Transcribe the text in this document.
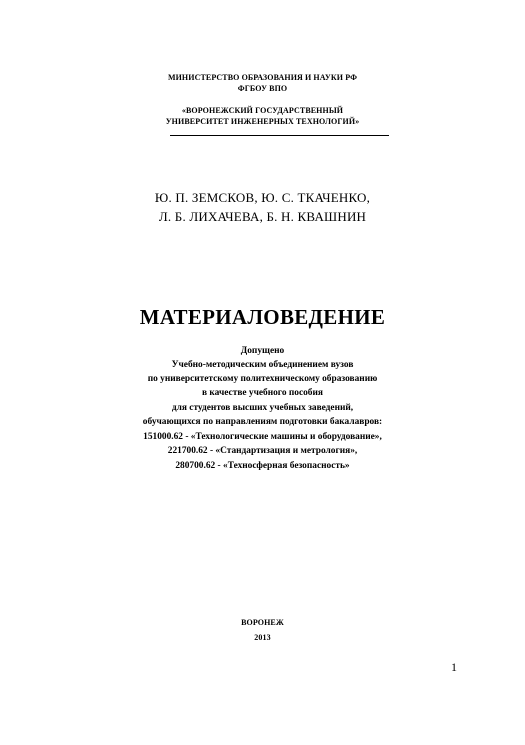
МИНИСТЕРСТВО ОБРАЗОВАНИЯ И НАУКИ РФ
ФГБОУ ВПО
«ВОРОНЕЖСКИЙ ГОСУДАРСТВЕННЫЙ
УНИВЕРСИТЕТ ИНЖЕНЕРНЫХ ТЕХНОЛОГИЙ»
Ю. П. ЗЕМСКОВ, Ю. С. ТКАЧЕНКО,
Л. Б. ЛИХАЧЕВА, Б. Н. КВАШНИН
МАТЕРИАЛОВЕДЕНИЕ
Допущено
Учебно-методическим объединением вузов
по университетскому политехническому образованию
в качестве учебного пособия
для студентов высших учебных заведений,
обучающихся по направлениям подготовки бакалавров:
151000.62 - «Технологические машины и оборудование»,
221700.62 - «Стандартизация и метрология»,
280700.62 - «Техносферная безопасность»
ВОРОНЕЖ
2013
1
